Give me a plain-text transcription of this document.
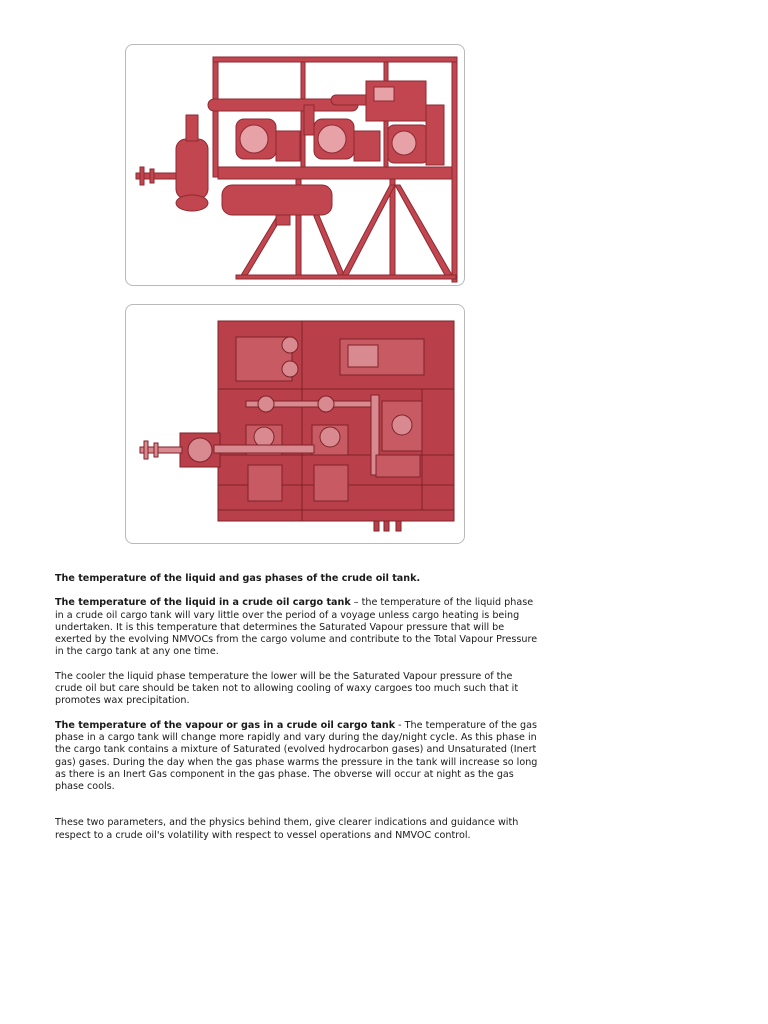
The temperature of the liquid and gas phases of the crude oil tank.

The temperature of the liquid in a crude oil cargo tank – the temperature of the liquid phase in a crude oil cargo tank will vary little over the period of a voyage unless cargo heating is being undertaken. It is this temperature that determines the Saturated Vapour pressure that will be exerted by the evolving NMVOCs from the cargo volume and contribute to the Total Vapour Pressure in the cargo tank at any one time.

The cooler the liquid phase temperature the lower will be the Saturated Vapour pressure of the crude oil but care should be taken not to allowing cooling of waxy cargoes too much such that it promotes wax precipitation.

The temperature of the vapour or gas in a crude oil cargo tank - The temperature of the gas phase in a cargo tank will change more rapidly and vary during the day/night cycle. As this phase in the cargo tank contains a mixture of Saturated (evolved hydrocarbon gases) and Unsaturated (Inert gas) gases. During the day when the gas phase warms the pressure in the tank will increase so long as there is an Inert Gas component in the gas phase. The obverse will occur at night as the gas phase cools.

These two parameters, and the physics behind them, give clearer indications and guidance with respect to a crude oil's volatility with respect to vessel operations and NMVOC control.
